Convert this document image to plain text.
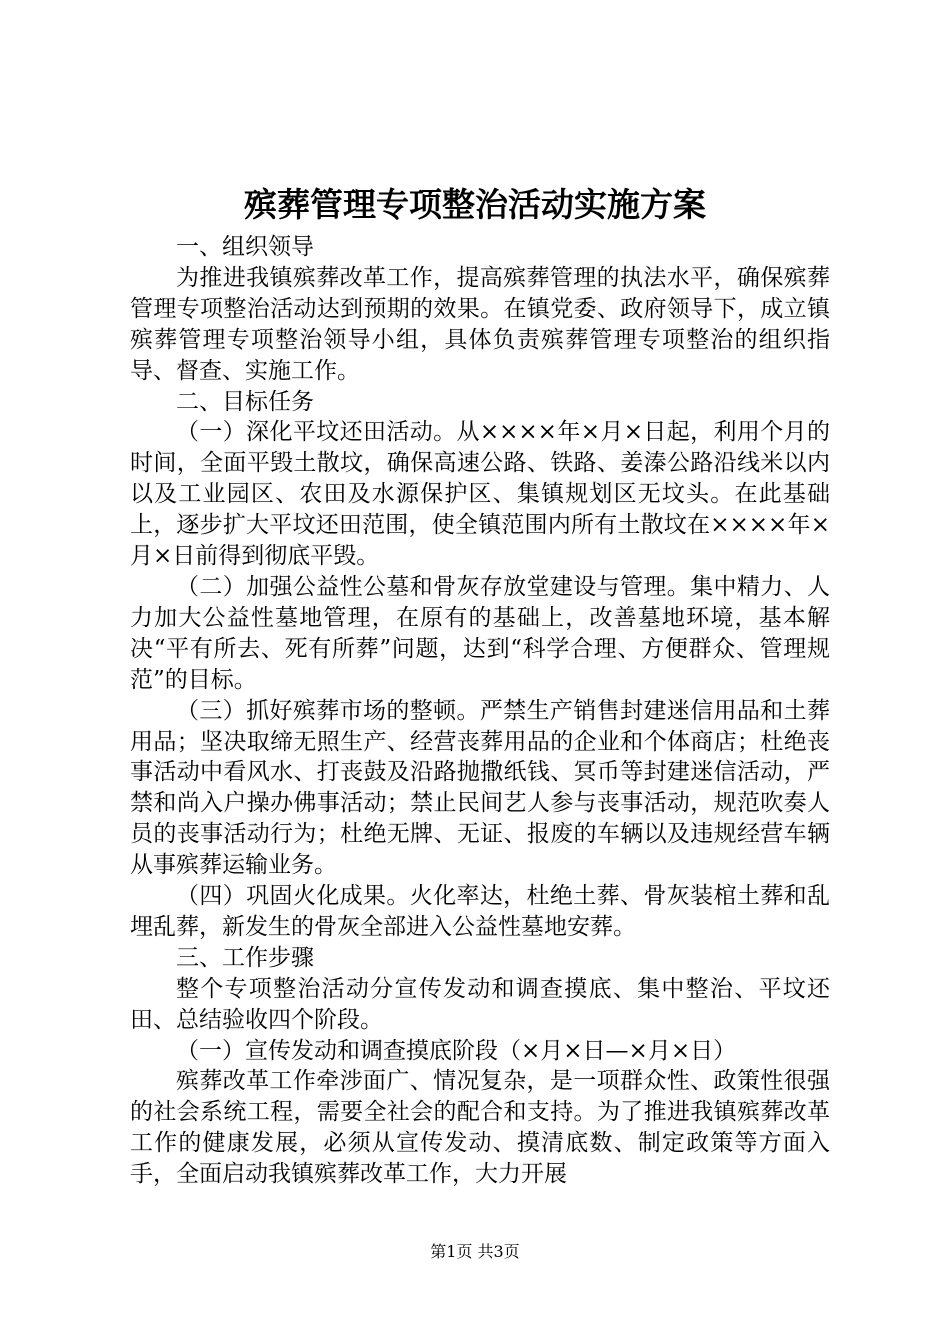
殡葬管理专项整治活动实施方案

一、组织领导

为推进我镇殡葬改革工作，提高殡葬管理的执法水平，确保殡葬管理专项整治活动达到预期的效果。在镇党委、政府领导下，成立镇殡葬管理专项整治领导小组，具体负责殡葬管理专项整治的组织指导、督查、实施工作。

二、目标任务

（一）深化平坟还田活动。从××××年×月×日起，利用个月的时间，全面平毁土散坟，确保高速公路、铁路、姜溱公路沿线米以内以及工业园区、农田及水源保护区、集镇规划区无坟头。在此基础上，逐步扩大平坟还田范围，使全镇范围内所有土散坟在××××年×月×日前得到彻底平毁。

（二）加强公益性公墓和骨灰存放堂建设与管理。集中精力、人力加大公益性墓地管理，在原有的基础上，改善墓地环境，基本解决“平有所去、死有所葬”问题，达到“科学合理、方便群众、管理规范”的目标。

（三）抓好殡葬市场的整顿。严禁生产销售封建迷信用品和土葬用品；坚决取缔无照生产、经营丧葬用品的企业和个体商店；杜绝丧事活动中看风水、打丧鼓及沿路抛撒纸钱、冥币等封建迷信活动，严禁和尚入户操办佛事活动；禁止民间艺人参与丧事活动，规范吹奏人员的丧事活动行为；杜绝无牌、无证、报废的车辆以及违规经营车辆从事殡葬运输业务。

（四）巩固火化成果。火化率达，杜绝土葬、骨灰装棺土葬和乱埋乱葬，新发生的骨灰全部进入公益性墓地安葬。

三、工作步骤

整个专项整治活动分宣传发动和调查摸底、集中整治、平坟还田、总结验收四个阶段。

（一）宣传发动和调查摸底阶段（×月×日—×月×日）

殡葬改革工作牵涉面广、情况复杂，是一项群众性、政策性很强的社会系统工程，需要全社会的配合和支持。为了推进我镇殡葬改革工作的健康发展，必须从宣传发动、摸清底数、制定政策等方面入手，全面启动我镇殡葬改革工作，大力开展

第1页 共3页
